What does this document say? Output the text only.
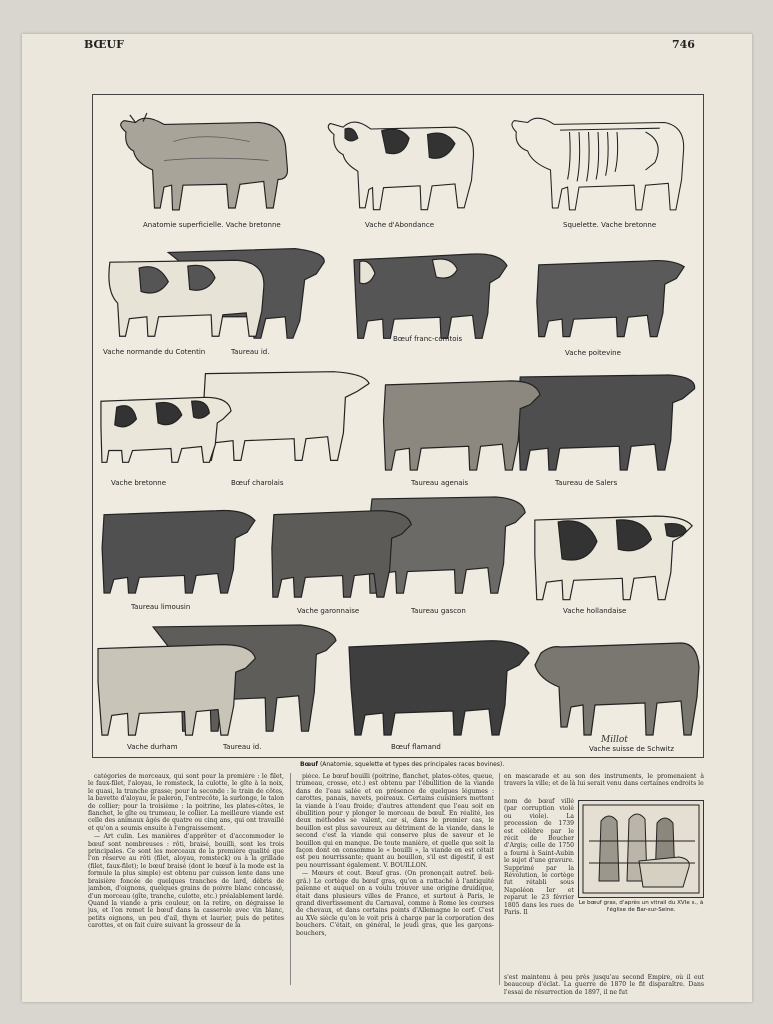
BŒUF	746
Anatomie superficielle. Vache bretonne	Vache d'Abondance	Squelette. Vache bretonne
Vache normande du Cotentin	Taureau id.
Bœuf franc-comtois
Vache poitevine
Vache bretonne	Bœuf charolais	Taureau agenais	Taureau de Salers
Taureau limousin	Vache garonnaise	Taureau gascon	Vache hollandaise
Vache durham	Taureau id.	Bœuf flamand
Millot
Vache suisse de Schwitz
Bœuf (Anatomie, squelette et types des principales races bovines).

catégories de morceaux, qui sont pour la première : le filet, le faux-filet, l'aloyau, le romsteck, la culotte, le gîte à la noix, le quasi, la tranche grasse; pour la seconde : le train de côtes, la bavette d'aloyau, le paleron, l'entrecôte, la surlonge, le talon de collier; pour la troisième : la poitrine, les plates-côtes, le flanchet, le gîte ou trumeau, le collier. La meilleure viande est celle des animaux âgés de quatre ou cinq ans, qui ont travaillé et qu'on a soumis ensuite à l'engraissement.

— Art culin. Les manières d'apprêter et d'accommoder le bœuf sont nombreuses : rôti, braisé, bouilli, sont les trois principales. Ce sont les morceaux de la première qualité que l'on réserve au rôti (filet, aloyau, romsteck) ou à la grillade (filet, faux-filet); le bœuf braisé (dont le bœuf à la mode est la formule la plus simple) est obtenu par cuisson lente dans une braisière foncée de quelques tranches de lard, débris de jambon, d'oignons, quelques grains de poivre blanc concassé, d'un morceau (gîte, tranche, culotte, etc.) préalablement lardé. Quand la viande a pris couleur, on la retire, on dégraisse le jus, et l'on remet le bœuf dans la casserole avec vin blanc, petits oignons, un peu d'ail, thym et laurier, puis de petites carottes, et on fait cuire suivant la grosseur de la

pièce. Le bœuf bouilli (poitrine, flanchet, plates-côtes, queue, trumeau, crosse, etc.) est obtenu par l'ébullition de la viande dans de l'eau salée et en présence de quelques légumes : carottes, panais, navets, poireaux. Certains cuisiniers mettent la viande à l'eau froide; d'autres attendent que l'eau soit en ébullition pour y plonger le morceau de bœuf. En réalité, les deux méthodes se valent, car si, dans le premier cas, le bouillon est plus savoureux au détriment de la viande, dans le second c'est la viande qui conserve plus de saveur et le bouillon qui en manque. De toute manière, et quelle que soit la façon dont on consomme le « bouilli », la viande en est cétait est peu nourrissante; quant au bouillon, s'il est digestif, il est peu nourrissant également. V. BOUILLON.

— Mœurs et cout. Bœuf gras. (On prononçait autref. beû-grâ.) Le cortège du bœuf gras, qu'on a rattaché à l'antiquité païenne et auquel on a voulu trouver une origine druidique, était dans plusieurs villes de France, et surtout à Paris, le grand divertissement du Carnaval, comme à Rome les courses de chevaux, et dans certains points d'Allemagne le cerf. C'est au XVe siècle qu'on le voit pris à charge par la corporation des bouchers. C'était, en général, le jeudi gras, que les garçons-bouchers,

en mascarade et au son des instruments, le promenaient à travers la ville; et de là lui serait venu dans certaines endroits le

nom de bœuf villé (par corruption violé ou viole). La procession de 1739 est célèbre par le récit de Boucher d'Argis; celle de 1750 a fourni à Saint-Aubin le sujet d'une gravure. Supprimé par la Révolution, le cortège fut rétabli sous Napoléon Ier et reparut le 23 février 1805 dans les rues de Paris. Il

Le bœuf gras, d'après un vitrail du XVIe s., à l'église de Bar-sur-Seine.
s'est maintenu à peu près jusqu'au second Empire, où il eut beaucoup d'éclat. La guerre de 1870 le fit disparaître. Dans l'essai de résurrection de 1897, il ne fut
